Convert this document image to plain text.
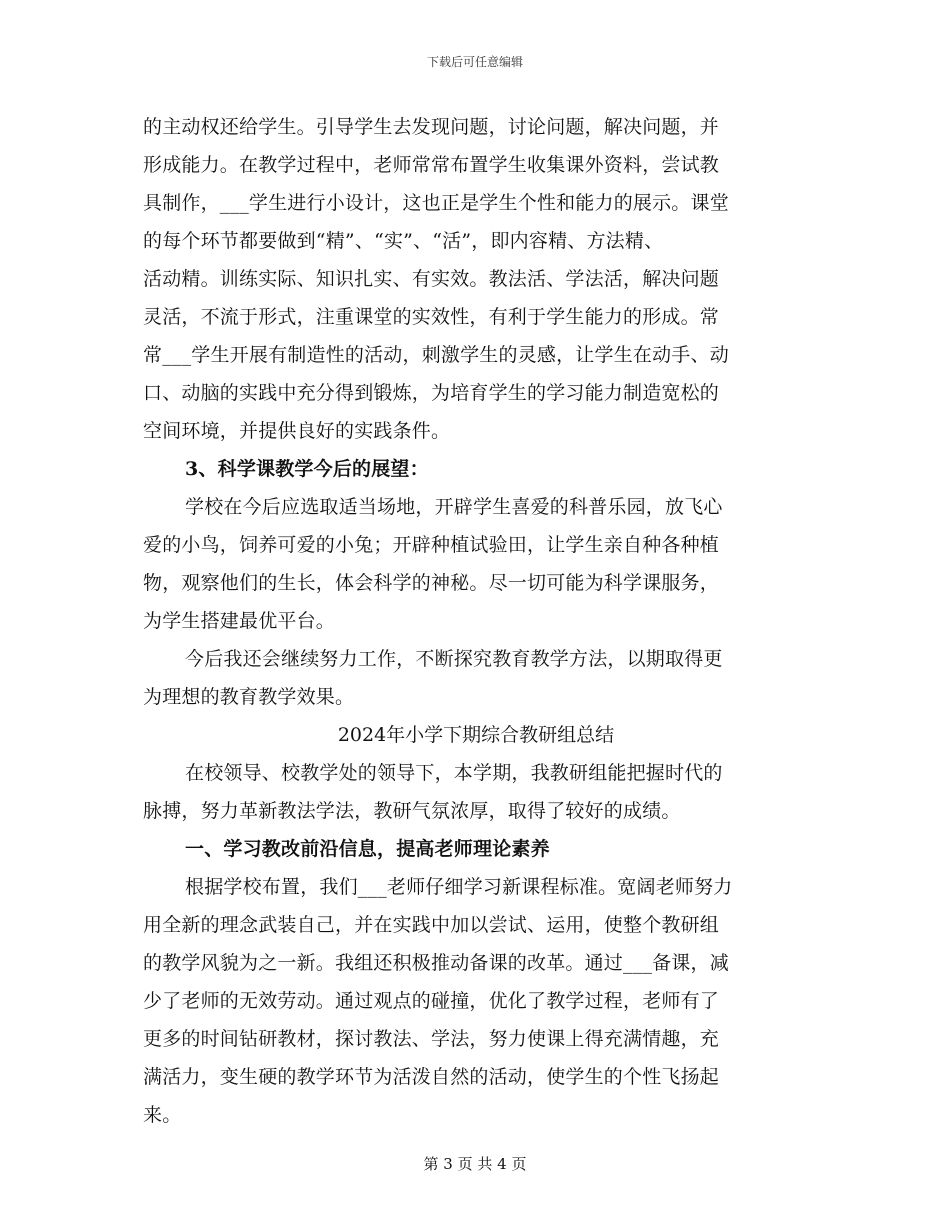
下载后可任意编辑
的主动权还给学生。引导学生去发现问题，讨论问题，解决问题，并
形成能力。在教学过程中，老师常常布置学生收集课外资料，尝试教
具制作，___学生进行小设计，这也正是学生个性和能力的展示。课堂
的每个环节都要做到“精”、“实”、“活”，即内容精、方法精、
活动精。训练实际、知识扎实、有实效。教法活、学法活，解决问题
灵活，不流于形式，注重课堂的实效性，有利于学生能力的形成。常
常___学生开展有制造性的活动，刺激学生的灵感，让学生在动手、动
口、动脑的实践中充分得到锻炼，为培育学生的学习能力制造宽松的
空间环境，并提供良好的实践条件。
3、科学课教学今后的展望：
学校在今后应选取适当场地，开辟学生喜爱的科普乐园，放飞心
爱的小鸟，饲养可爱的小兔；开辟种植试验田，让学生亲自种各种植
物，观察他们的生长，体会科学的神秘。尽一切可能为科学课服务，
为学生搭建最优平台。
今后我还会继续努力工作，不断探究教育教学方法，以期取得更
为理想的教育教学效果。
2024年小学下期综合教研组总结
在校领导、校教学处的领导下，本学期，我教研组能把握时代的
脉搏，努力革新教法学法，教研气氛浓厚，取得了较好的成绩。
一、学习教改前沿信息，提高老师理论素养
根据学校布置，我们___老师仔细学习新课程标准。宽阔老师努力
用全新的理念武装自己，并在实践中加以尝试、运用，使整个教研组
的教学风貌为之一新。我组还积极推动备课的改革。通过___备课，减
少了老师的无效劳动。通过观点的碰撞，优化了教学过程，老师有了
更多的时间钻研教材，探讨教法、学法，努力使课上得充满情趣，充
满活力，变生硬的教学环节为活泼自然的活动，使学生的个性飞扬起
来。
第 3 页 共 4 页
